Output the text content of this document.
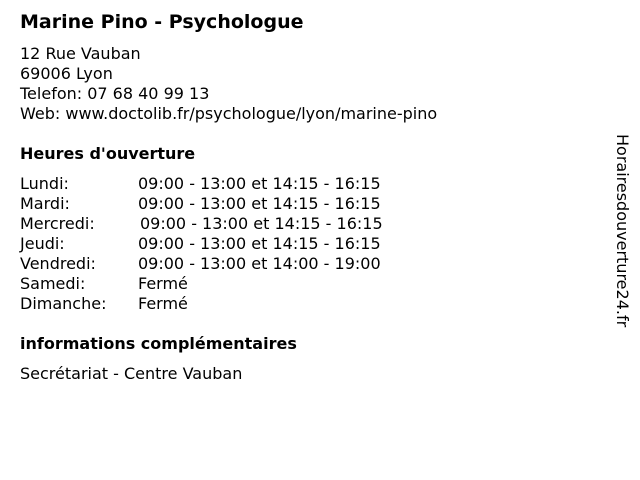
Marine Pino - Psychologue
12 Rue Vauban
69006 Lyon
Telefon: 07 68 40 99 13
Web: www.doctolib.fr/psychologue/lyon/marine-pino
Heures d'ouverture
Lundi:	09:00 - 13:00 et 14:15 - 16:15
Mardi:	09:00 - 13:00 et 14:15 - 16:15
Mercredi:	09:00 - 13:00 et 14:15 - 16:15
Jeudi:	09:00 - 13:00 et 14:15 - 16:15
Vendredi:	09:00 - 13:00 et 14:00 - 19:00
Samedi:	Fermé
Dimanche: Fermé
informations complémentaires
Secrétariat - Centre Vauban
Horairesdouverture24.fr
